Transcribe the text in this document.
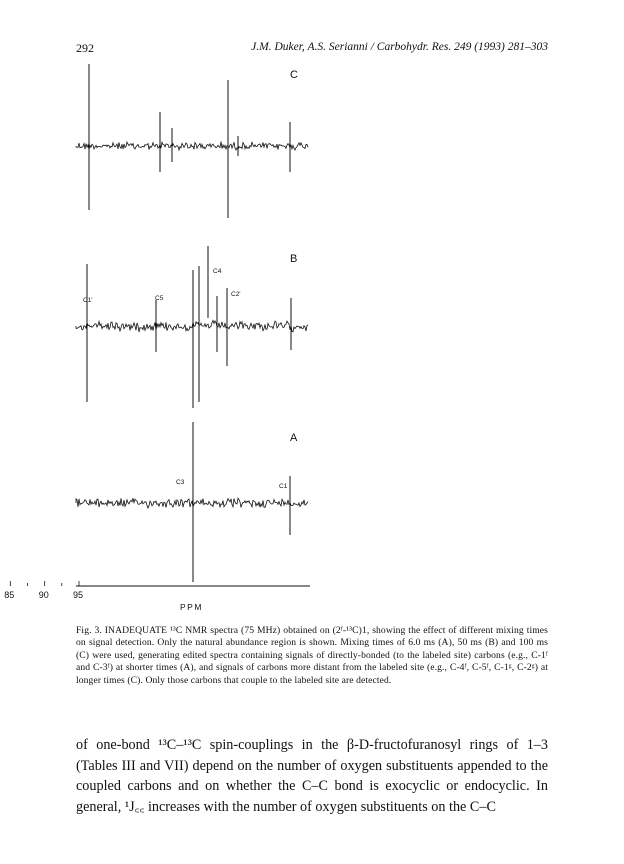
292	J.M. Duker, A.S. Serianni / Carbohydr. Res. 249 (1993) 281–303
C
B
A
C1'	C5
C4
C2'
C3
C1
95
90
85
PPM
Fig. 3. INADEQUATE ¹³C NMR spectra (75 MHz) obtained on (2ᶠ-¹³C)1, showing the effect of different mixing times on signal detection. Only the natural abundance region is shown. Mixing times of 6.0 ms (A), 50 ms (B) and 100 ms (C) were used, generating edited spectra containing signals of directly-bonded (to the labeled site) carbons (e.g., C-1ᶠ and C-3ᶠ) at shorter times (A), and signals of carbons more distant from the labeled site (e.g., C-4ᶠ, C-5ᶠ, C-1ᵍ, C-2ᵍ) at longer times (C). Only those carbons that couple to the labeled site are detected.

of one-bond ¹³C–¹³C spin-couplings in the β-D-fructofuranosyl rings of 1–3 (Tables III and VII) depend on the number of oxygen substituents appended to the coupled carbons and on whether the C–C bond is exocyclic or endocyclic. In general, ¹J꜀꜀ increases with the number of oxygen substituents on the C–C
